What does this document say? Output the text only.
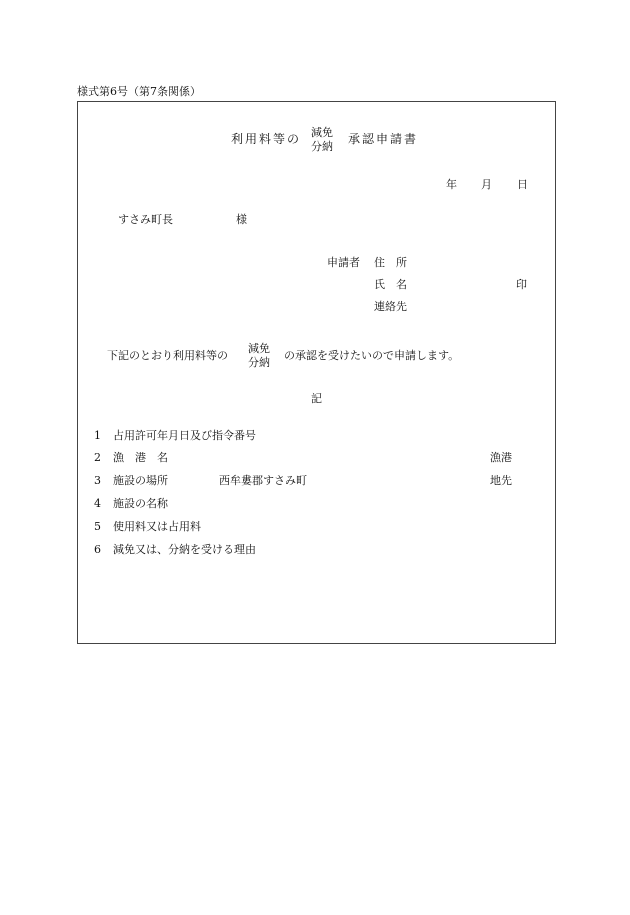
様式第6号（第7条関係）
利用料等の 減免
分納
承認申請書
年 月 日
すさみ町長	様
申請者 住　所
氏　名	印
連絡先
下記のとおり利用料等の
減免
分納
の承認を受けたいので申請します。
記
1 占用許可年月日及び指令番号
2 漁　港　名	漁港
3 施設の場所	西牟婁郡すさみ町	地先
4 施設の名称
5 使用料又は占用料
6 減免又は、分納を受ける理由
